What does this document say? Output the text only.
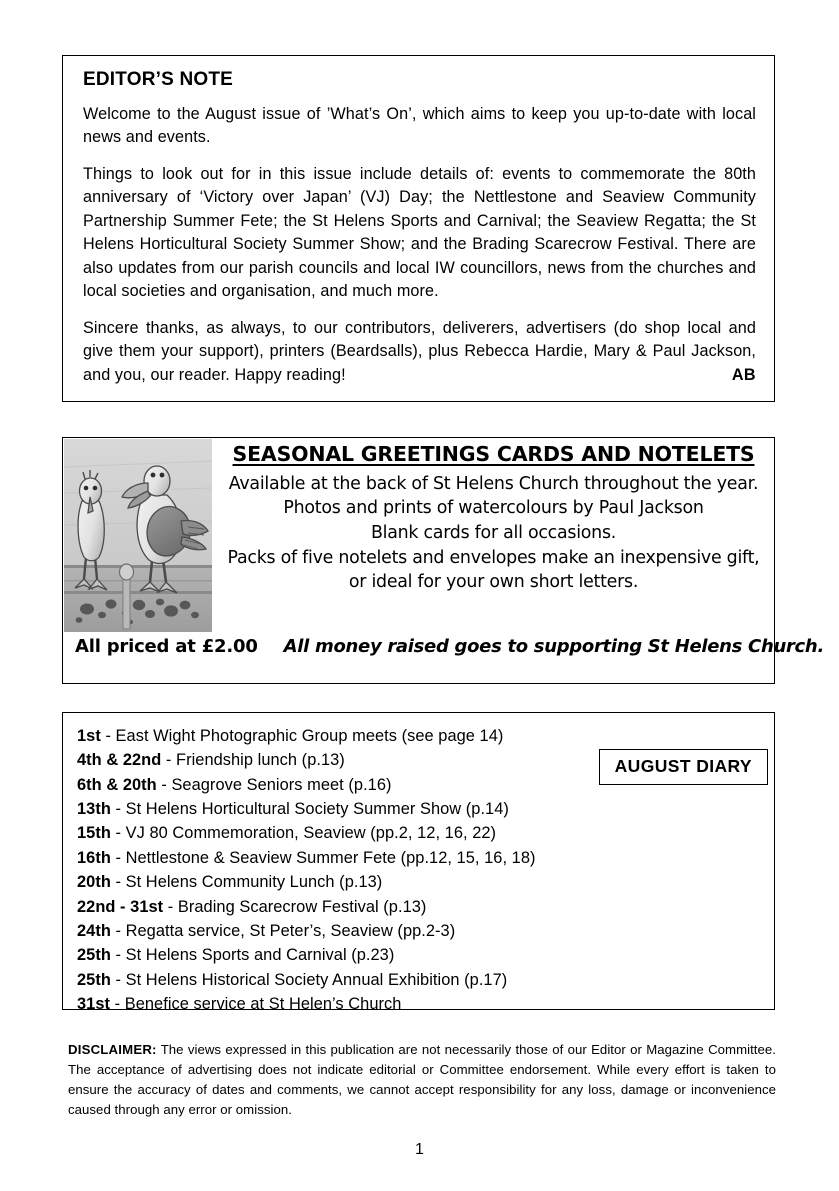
EDITOR’S NOTE

Welcome to the August issue of ’What’s On’, which aims to keep you up-to-date with local news and events.

Things to look out for in this issue include details of: events to commemorate the 80th anniversary of ‘Victory over Japan’ (VJ) Day; the Nettlestone and Seaview Community Partnership Summer Fete; the St Helens Sports and Carnival; the Seaview Regatta; the St Helens Horticultural Society Summer Show; and the Brading Scarecrow Festival. There are also updates from our parish councils and local IW councillors, news from the churches and local societies and organisation, and much more.

Sincere thanks, as always, to our contributors, deliverers, advertisers (do shop local and give them your support), printers (Beardsalls), plus Rebecca Hardie, Mary & Paul Jackson, and you, our reader. Happy reading!	AB

SEASONAL GREETINGS CARDS AND NOTELETS
Available at the back of St Helens Church throughout the year.
Photos and prints of watercolours by Paul Jackson
Blank cards for all occasions.
Packs of five notelets and envelopes make an inexpensive gift,
or ideal for your own short letters.
All priced at £2.00 All money raised goes to supporting St Helens Church.
AUGUST DIARY
1st - East Wight Photographic Group meets (see page 14)
4th & 22nd - Friendship lunch (p.13)
6th & 20th - Seagrove Seniors meet (p.16)
13th - St Helens Horticultural Society Summer Show (p.14)
15th - VJ 80 Commemoration, Seaview (pp.2, 12, 16, 22)
16th - Nettlestone & Seaview Summer Fete (pp.12, 15, 16, 18)
20th - St Helens Community Lunch (p.13)
22nd - 31st - Brading Scarecrow Festival (p.13)
24th - Regatta service, St Peter’s, Seaview (pp.2-3)
25th - St Helens Sports and Carnival (p.23)
25th - St Helens Historical Society Annual Exhibition (p.17)
31st - Benefice service at St Helen’s Church
DISCLAIMER: The views expressed in this publication are not necessarily those of our Editor or Magazine Committee. The acceptance of advertising does not indicate editorial or Committee endorsement. While every effort is taken to ensure the accuracy of dates and comments, we cannot accept responsibility for any loss, damage or inconvenience caused through any error or omission.
1
